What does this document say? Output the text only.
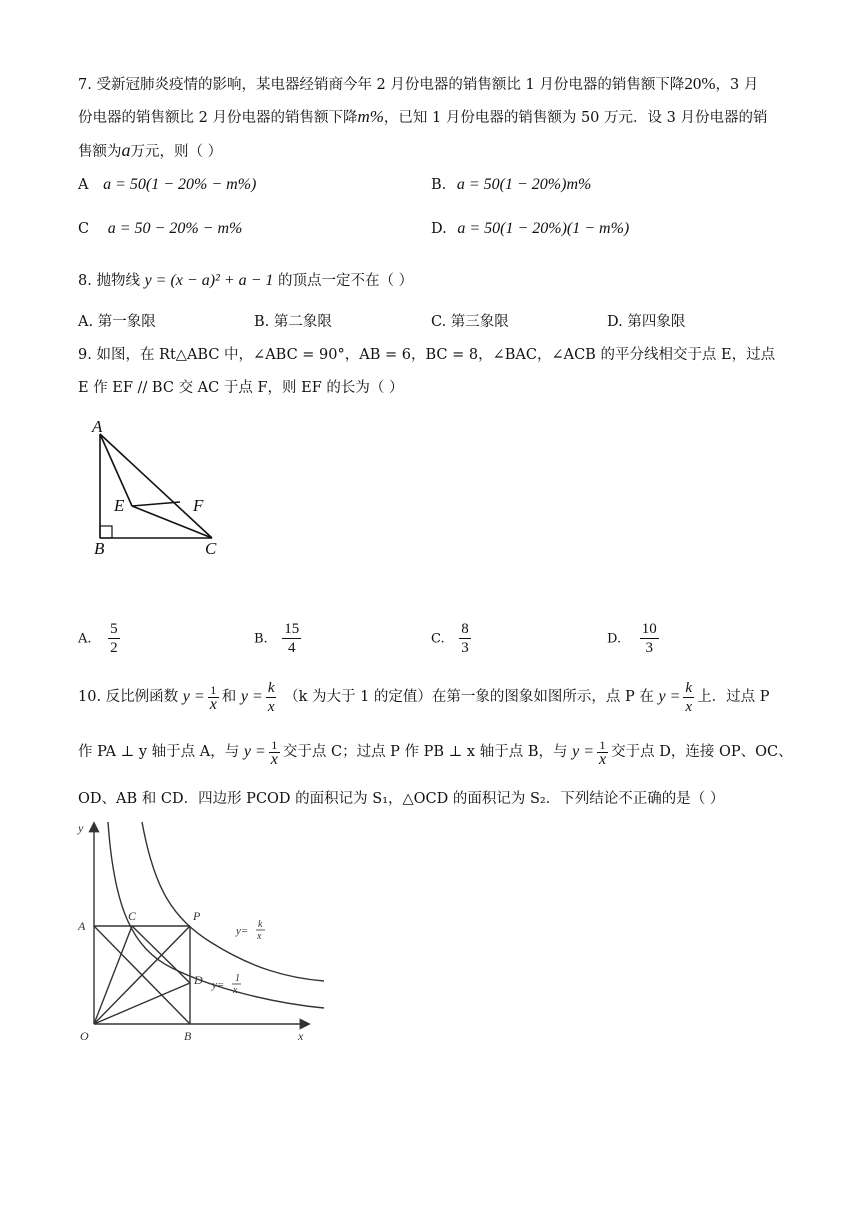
7. 受新冠肺炎疫情的影响，某电器经销商今年 2 月份电器的销售额比 1 月份电器的销售额下降20%，3 月
份电器的销售额比 2 月份电器的销售额下降m%，已知 1 月份电器的销售额为 50 万元．设 3 月份电器的销
售额为a万元，则（ ）
A a = 50(1 − 20% − m%)	B. a = 50(1 − 20%)m%
C a = 50 − 20% − m%	D. a = 50(1 − 20%)(1 − m%)
8. 抛物线 y = (x − a)² + a − 1 的顶点一定不在（ ）
A. 第一象限	B. 第二象限	C. 第三象限	D. 第四象限
9. 如图，在 Rt△ABC 中，∠ABC = 90°，AB = 6，BC = 8，∠BAC，∠ACB 的平分线相交于点 E，过点
E 作 EF // BC 交 AC 于点 F，则 EF 的长为（ ）
A
E	F
B	C
A. $\frac{5}{2}$	B. $\frac{15}{4}$	C. $\frac{8}{3}$	D. $\frac{10}{3}$
10. 反比例函数 $y = \frac{1}{x}$ 和 $y = \frac{k}{x} (k$ 为大于 1 的定值）在第一象的图象如图所示，点 P 在 $y = \frac{k}{x}$ 上．过点 P
作 PA ⊥ y 轴于点 A，与 $y = \frac{1}{x}$ 交于点 C；过点 P 作 PB ⊥ x 轴于点 B，与 $y = \frac{1}{x}$ 交于点 D，连接 OP、OC、
OD、AB 和 CD．四边形 PCOD 的面积记为 S₁，△OCD 的面积记为 S₂．下列结论不正确的是（ ）
y
x
O
A
B
C	P
D
y=
k
x
y=
1
x
